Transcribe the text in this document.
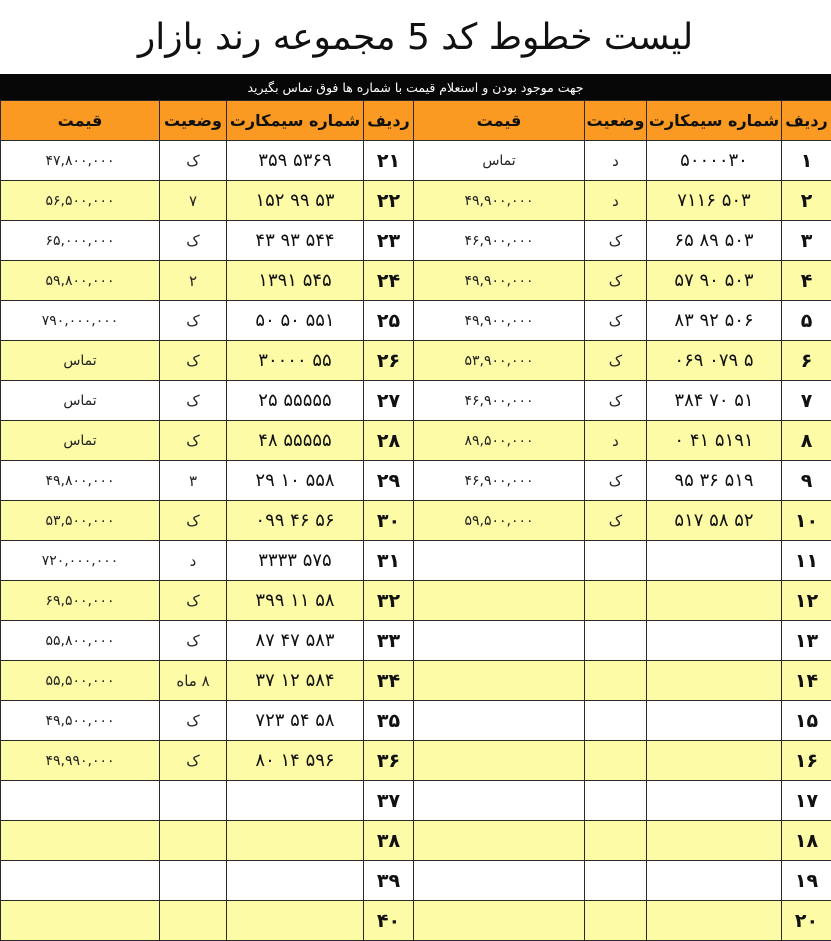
لیست خطوط کد 5 مجموعه رند بازار
جهت موجود بودن و استعلام قیمت با شماره ها فوق تماس بگیرید
ردیف	شماره سیمکارت	وضعیت	قیمت	ردیف	شماره سیمکارت	وضعیت	قیمت
۱	۵۰۰۰۰۳۰	د	تماس	۲۱	۵۳۶۹ ۳۵۹	ک	۴۷,۸۰۰,۰۰۰
۲	۵۰۳ ۷۱۱۶	د	۴۹,۹۰۰,۰۰۰	۲۲	۵۳ ۹۹ ۱۵۲	۷	۵۶,۵۰۰,۰۰۰
۳	۵۰۳ ۸۹ ۶۵	ک	۴۶,۹۰۰,۰۰۰	۲۳	۵۴۴ ۹۳ ۴۳	ک	۶۵,۰۰۰,۰۰۰
۴	۵۰۳ ۹۰ ۵۷	ک	۴۹,۹۰۰,۰۰۰	۲۴	۵۴۵ ۱۳۹۱	۲	۵۹,۸۰۰,۰۰۰
۵	۵۰۶ ۹۲ ۸۳	ک	۴۹,۹۰۰,۰۰۰	۲۵	۵۵۱ ۵۰ ۵۰	ک	۷۹۰,۰۰۰,۰۰۰
۶	۵ ۰۷۹ ۰۶۹	ک	۵۳,۹۰۰,۰۰۰	۲۶	۵۵ ۳۰۰۰۰	ک	تماس
۷	۵۱ ۷۰ ۳۸۴	ک	۴۶,۹۰۰,۰۰۰	۲۷	۵۵۵۵۵ ۲۵	ک	تماس
۸	۵۱۹۱ ۴۱ ۰	د	۸۹,۵۰۰,۰۰۰	۲۸	۵۵۵۵۵ ۴۸	ک	تماس
۹	۵۱۹ ۳۶ ۹۵	ک	۴۶,۹۰۰,۰۰۰	۲۹	۵۵۸ ۱۰ ۲۹	۳	۴۹,۸۰۰,۰۰۰
۱۰	۵۲ ۵۸ ۵۱۷	ک	۵۹,۵۰۰,۰۰۰	۳۰	۵۶ ۴۶ ۰۹۹	ک	۵۳,۵۰۰,۰۰۰
۱۱				۳۱	۵۷۵ ۳۳۳۳	د	۷۲۰,۰۰۰,۰۰۰
۱۲				۳۲	۵۸ ۱۱ ۳۹۹	ک	۶۹,۵۰۰,۰۰۰
۱۳				۳۳	۵۸۳ ۴۷ ۸۷	ک	۵۵,۸۰۰,۰۰۰
۱۴				۳۴	۵۸۴ ۱۲ ۳۷	۸ ماه	۵۵,۵۰۰,۰۰۰
۱۵				۳۵	۵۸ ۵۴ ۷۲۳	ک	۴۹,۵۰۰,۰۰۰
۱۶				۳۶	۵۹۶ ۱۴ ۸۰	ک	۴۹,۹۹۰,۰۰۰
۱۷				۳۷			
۱۸				۳۸			
۱۹				۳۹			
۲۰				۴۰			
